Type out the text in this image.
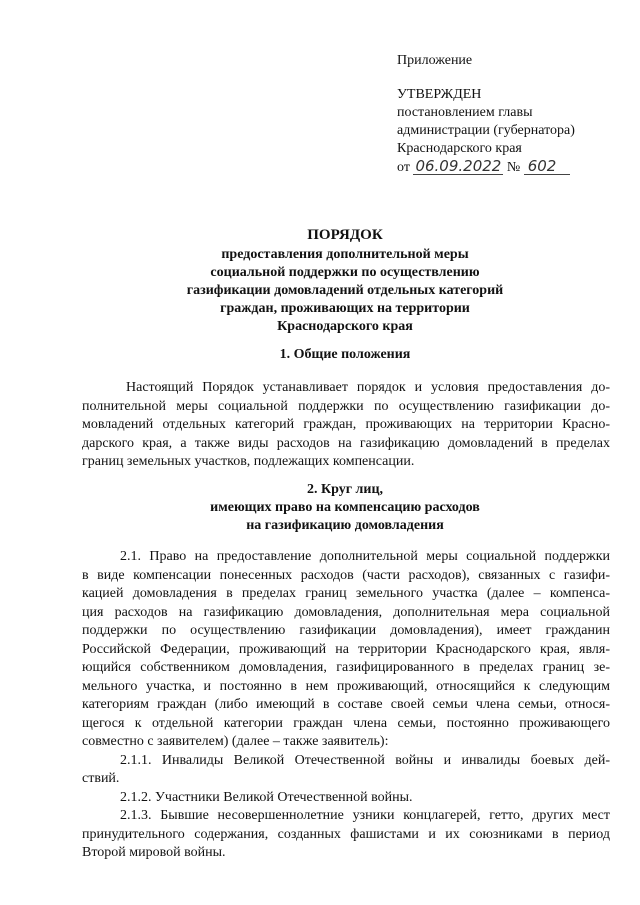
Приложение
УТВЕРЖДЕН
постановлением главы
администрации (губернатора)
Краснодарского края
от 06.09.2022 № 602
ПОРЯДОК
предоставления дополнительной меры
социальной поддержки по осуществлению
газификации домовладений отдельных категорий
граждан, проживающих на территории
Краснодарского края
1. Общие положения
Настоящий Порядок устанавливает порядок и условия предоставления до-
полнительной меры социальной поддержки по осуществлению газификации до-
мовладений отдельных категорий граждан, проживающих на территории Красно-
дарского края, а также виды расходов на газификацию домовладений в пределах
границ земельных участков, подлежащих компенсации.
2. Круг лиц,
имеющих право на компенсацию расходов
на газификацию домовладения
2.1. Право на предоставление дополнительной меры социальной поддержки
в виде компенсации понесенных расходов (части расходов), связанных с газифи-
кацией домовладения в пределах границ земельного участка (далее – компенса-
ция расходов на газификацию домовладения, дополнительная мера социальной
поддержки по осуществлению газификации домовладения), имеет гражданин
Российской Федерации, проживающий на территории Краснодарского края, явля-
ющийся собственником домовладения, газифицированного в пределах границ зе-
мельного участка, и постоянно в нем проживающий, относящийся к следующим
категориям граждан (либо имеющий в составе своей семьи члена семьи, относя-
щегося к отдельной категории граждан члена семьи, постоянно проживающего
совместно с заявителем) (далее – также заявитель):
2.1.1. Инвалиды Великой Отечественной войны и инвалиды боевых дей-
ствий.
2.1.2. Участники Великой Отечественной войны.
2.1.3. Бывшие несовершеннолетние узники концлагерей, гетто, других мест
принудительного содержания, созданных фашистами и их союзниками в период
Второй мировой войны.
